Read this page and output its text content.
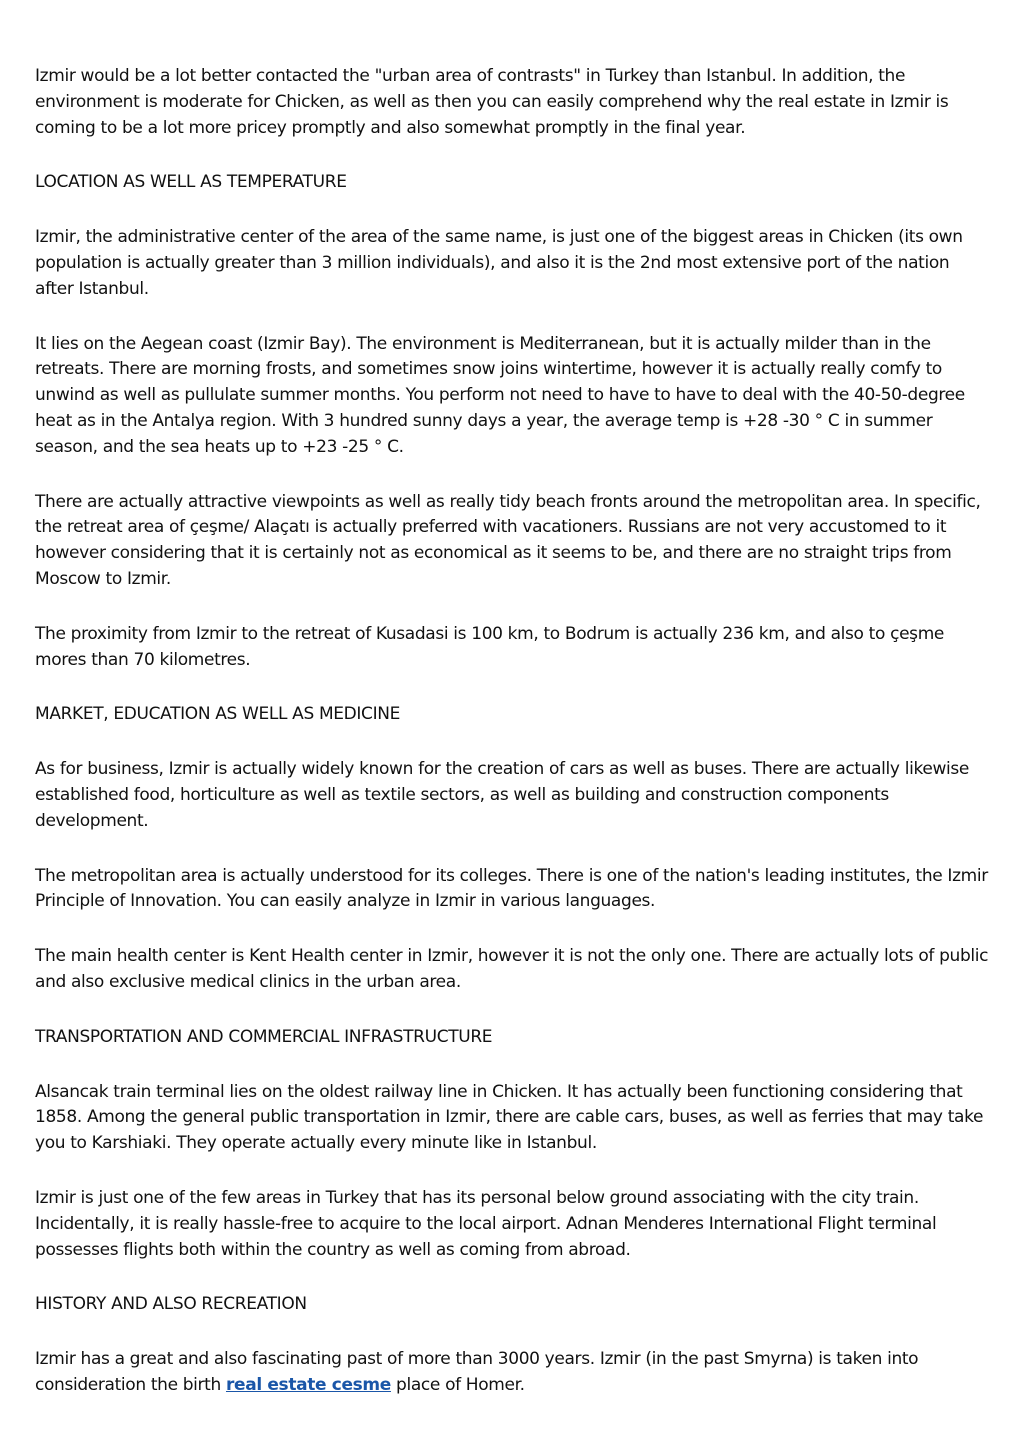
Izmir would be a lot better contacted the "urban area of contrasts" in Turkey than Istanbul. In addition, the environment is moderate for Chicken, as well as then you can easily comprehend why the real estate in Izmir is coming to be a lot more pricey promptly and also somewhat promptly in the final year.

LOCATION AS WELL AS TEMPERATURE

Izmir, the administrative center of the area of the same name, is just one of the biggest areas in Chicken (its own population is actually greater than 3 million individuals), and also it is the 2nd most extensive port of the nation after Istanbul.

It lies on the Aegean coast (Izmir Bay). The environment is Mediterranean, but it is actually milder than in the retreats. There are morning frosts, and sometimes snow joins wintertime, however it is actually really comfy to unwind as well as pullulate summer months. You perform not need to have to have to deal with the 40-50-degree heat as in the Antalya region. With 3 hundred sunny days a year, the average temp is +28 -30 ° C in summer season, and the sea heats up to +23 -25 ° C.

There are actually attractive viewpoints as well as really tidy beach fronts around the metropolitan area. In specific, the retreat area of çeşme/ Alaçatı is actually preferred with vacationers. Russians are not very accustomed to it however considering that it is certainly not as economical as it seems to be, and there are no straight trips from Moscow to Izmir.

The proximity from Izmir to the retreat of Kusadasi is 100 km, to Bodrum is actually 236 km, and also to çeşme mores than 70 kilometres.

MARKET, EDUCATION AS WELL AS MEDICINE

As for business, Izmir is actually widely known for the creation of cars as well as buses. There are actually likewise established food, horticulture as well as textile sectors, as well as building and construction components development.

The metropolitan area is actually understood for its colleges. There is one of the nation's leading institutes, the Izmir Principle of Innovation. You can easily analyze in Izmir in various languages.

The main health center is Kent Health center in Izmir, however it is not the only one. There are actually lots of public and also exclusive medical clinics in the urban area.

TRANSPORTATION AND COMMERCIAL INFRASTRUCTURE

Alsancak train terminal lies on the oldest railway line in Chicken. It has actually been functioning considering that 1858. Among the general public transportation in Izmir, there are cable cars, buses, as well as ferries that may take you to Karshiaki. They operate actually every minute like in Istanbul.

Izmir is just one of the few areas in Turkey that has its personal below ground associating with the city train. Incidentally, it is really hassle-free to acquire to the local airport. Adnan Menderes International Flight terminal possesses flights both within the country as well as coming from abroad.

HISTORY AND ALSO RECREATION

Izmir has a great and also fascinating past of more than 3000 years. Izmir (in the past Smyrna) is taken into consideration the birth real estate cesme place of Homer.
